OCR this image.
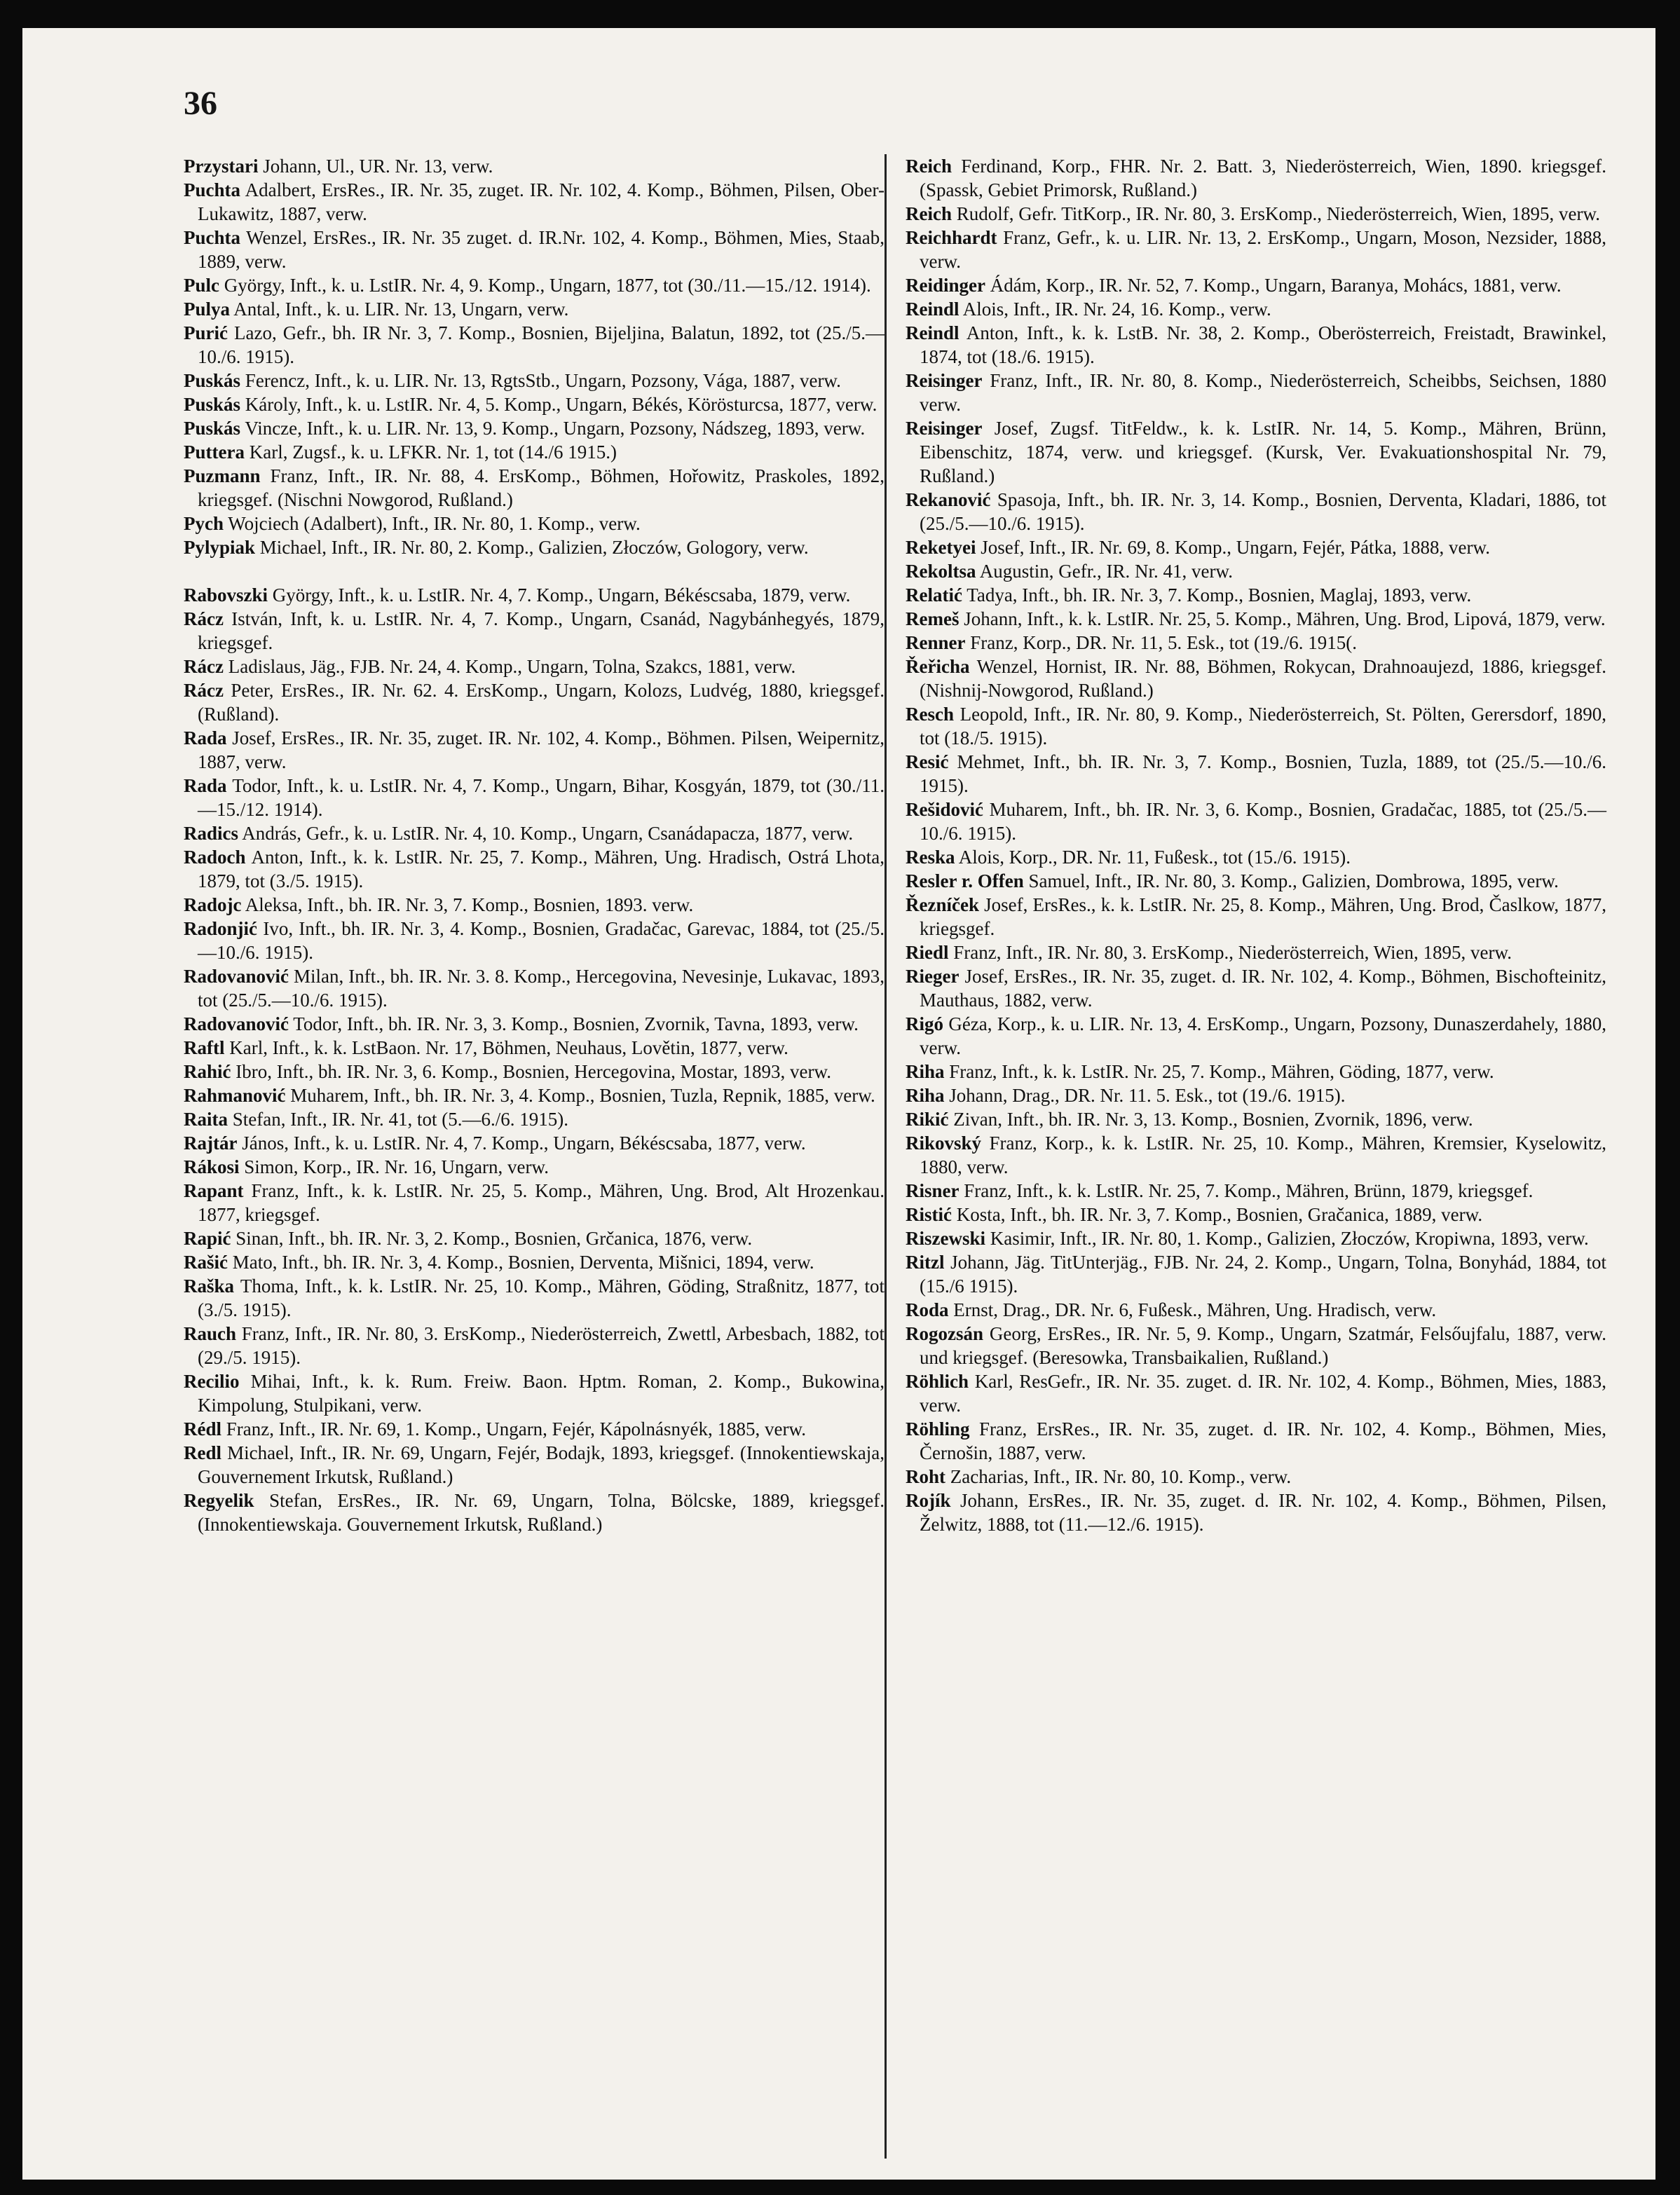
36

Przystari Johann, Ul., UR. Nr. 13, verw.

Puchta Adalbert, ErsRes., IR. Nr. 35, zuget. IR. Nr. 102, 4. Komp., Böhmen, Pilsen, Ober-Lukawitz, 1887, verw.

Puchta Wenzel, ErsRes., IR. Nr. 35 zuget. d. IR.Nr. 102, 4. Komp., Böhmen, Mies, Staab, 1889, verw.

Pulc György, Inft., k. u. LstIR. Nr. 4, 9. Komp., Ungarn, 1877, tot (30./11.—15./12. 1914).

Pulya Antal, Inft., k. u. LIR. Nr. 13, Ungarn, verw.

Purić Lazo, Gefr., bh. IR Nr. 3, 7. Komp., Bosnien, Bijeljina, Balatun, 1892, tot (25./5.—10./6. 1915).

Puskás Ferencz, Inft., k. u. LIR. Nr. 13, RgtsStb., Ungarn, Pozsony, Vága, 1887, verw.

Puskás Károly, Inft., k. u. LstIR. Nr. 4, 5. Komp., Ungarn, Békés, Körösturcsa, 1877, verw.

Puskás Vincze, Inft., k. u. LIR. Nr. 13, 9. Komp., Ungarn, Pozsony, Nádszeg, 1893, verw.

Puttera Karl, Zugsf., k. u. LFKR. Nr. 1, tot (14./6 1915.)

Puzmann Franz, Inft., IR. Nr. 88, 4. ErsKomp., Böhmen, Hořowitz, Praskoles, 1892, kriegsgef. (Nischni Nowgorod, Rußland.)

Pych Wojciech (Adalbert), Inft., IR. Nr. 80, 1. Komp., verw.

Pylypiak Michael, Inft., IR. Nr. 80, 2. Komp., Galizien, Złoczów, Gologory, verw.

Rabovszki György, Inft., k. u. LstIR. Nr. 4, 7. Komp., Ungarn, Békéscsaba, 1879, verw.

Rácz István, Inft, k. u. LstIR. Nr. 4, 7. Komp., Ungarn, Csanád, Nagybánhegyés, 1879, kriegsgef.

Rácz Ladislaus, Jäg., FJB. Nr. 24, 4. Komp., Ungarn, Tolna, Szakcs, 1881, verw.

Rácz Peter, ErsRes., IR. Nr. 62. 4. ErsKomp., Ungarn, Kolozs, Ludvég, 1880, kriegsgef. (Rußland).

Rada Josef, ErsRes., IR. Nr. 35, zuget. IR. Nr. 102, 4. Komp., Böhmen. Pilsen, Weipernitz, 1887, verw.

Rada Todor, Inft., k. u. LstIR. Nr. 4, 7. Komp., Ungarn, Bihar, Kosgyán, 1879, tot (30./11.—15./12. 1914).

Radics András, Gefr., k. u. LstIR. Nr. 4, 10. Komp., Ungarn, Csanádapacza, 1877, verw.

Radoch Anton, Inft., k. k. LstIR. Nr. 25, 7. Komp., Mähren, Ung. Hradisch, Ostrá Lhota, 1879, tot (3./5. 1915).

Radojc Aleksa, Inft., bh. IR. Nr. 3, 7. Komp., Bosnien, 1893. verw.

Radonjić Ivo, Inft., bh. IR. Nr. 3, 4. Komp., Bosnien, Gradačac, Garevac, 1884, tot (25./5.—10./6. 1915).

Radovanović Milan, Inft., bh. IR. Nr. 3. 8. Komp., Hercegovina, Nevesinje, Lukavac, 1893, tot (25./5.—10./6. 1915).

Radovanović Todor, Inft., bh. IR. Nr. 3, 3. Komp., Bosnien, Zvornik, Tavna, 1893, verw.

Raftl Karl, Inft., k. k. LstBaon. Nr. 17, Böhmen, Neuhaus, Lovětin, 1877, verw.

Rahić Ibro, Inft., bh. IR. Nr. 3, 6. Komp., Bosnien, Hercegovina, Mostar, 1893, verw.

Rahmanović Muharem, Inft., bh. IR. Nr. 3, 4. Komp., Bosnien, Tuzla, Repnik, 1885, verw.

Raita Stefan, Inft., IR. Nr. 41, tot (5.—6./6. 1915).

Rajtár János, Inft., k. u. LstIR. Nr. 4, 7. Komp., Ungarn, Békéscsaba, 1877, verw.

Rákosi Simon, Korp., IR. Nr. 16, Ungarn, verw.

Rapant Franz, Inft., k. k. LstIR. Nr. 25, 5. Komp., Mähren, Ung. Brod, Alt Hrozenkau. 1877, kriegsgef.

Rapić Sinan, Inft., bh. IR. Nr. 3, 2. Komp., Bosnien, Grčanica, 1876, verw.

Rašić Mato, Inft., bh. IR. Nr. 3, 4. Komp., Bosnien, Derventa, Mišnici, 1894, verw.

Raška Thoma, Inft., k. k. LstIR. Nr. 25, 10. Komp., Mähren, Göding, Straßnitz, 1877, tot (3./5. 1915).

Rauch Franz, Inft., IR. Nr. 80, 3. ErsKomp., Niederösterreich, Zwettl, Arbesbach, 1882, tot (29./5. 1915).

Recilio Mihai, Inft., k. k. Rum. Freiw. Baon. Hptm. Roman, 2. Komp., Bukowina, Kimpolung, Stulpikani, verw.

Rédl Franz, Inft., IR. Nr. 69, 1. Komp., Ungarn, Fejér, Kápolnásnyék, 1885, verw.

Redl Michael, Inft., IR. Nr. 69, Ungarn, Fejér, Bodajk, 1893, kriegsgef. (Innokentiewskaja, Gouvernement Irkutsk, Rußland.)

Regyelik Stefan, ErsRes., IR. Nr. 69, Ungarn, Tolna, Bölcske, 1889, kriegsgef. (Innokentiewskaja. Gouvernement Irkutsk, Rußland.)

Reich Ferdinand, Korp., FHR. Nr. 2. Batt. 3, Niederösterreich, Wien, 1890. kriegsgef. (Spassk, Gebiet Primorsk, Rußland.)

Reich Rudolf, Gefr. TitKorp., IR. Nr. 80, 3. ErsKomp., Niederösterreich, Wien, 1895, verw.

Reichhardt Franz, Gefr., k. u. LIR. Nr. 13, 2. ErsKomp., Ungarn, Moson, Nezsider, 1888, verw.

Reidinger Ádám, Korp., IR. Nr. 52, 7. Komp., Ungarn, Baranya, Mohács, 1881, verw.

Reindl Alois, Inft., IR. Nr. 24, 16. Komp., verw.

Reindl Anton, Inft., k. k. LstB. Nr. 38, 2. Komp., Oberösterreich, Freistadt, Brawinkel, 1874, tot (18./6. 1915).

Reisinger Franz, Inft., IR. Nr. 80, 8. Komp., Niederösterreich, Scheibbs, Seichsen, 1880 verw.

Reisinger Josef, Zugsf. TitFeldw., k. k. LstIR. Nr. 14, 5. Komp., Mähren, Brünn, Eibenschitz, 1874, verw. und kriegsgef. (Kursk, Ver. Evakuationshospital Nr. 79, Rußland.)

Rekanović Spasoja, Inft., bh. IR. Nr. 3, 14. Komp., Bosnien, Derventa, Kladari, 1886, tot (25./5.—10./6. 1915).

Reketyei Josef, Inft., IR. Nr. 69, 8. Komp., Ungarn, Fejér, Pátka, 1888, verw.

Rekoltsa Augustin, Gefr., IR. Nr. 41, verw.

Relatić Tadya, Inft., bh. IR. Nr. 3, 7. Komp., Bosnien, Maglaj, 1893, verw.

Remeš Johann, Inft., k. k. LstIR. Nr. 25, 5. Komp., Mähren, Ung. Brod, Lipová, 1879, verw.

Renner Franz, Korp., DR. Nr. 11, 5. Esk., tot (19./6. 1915(.

Řeřicha Wenzel, Hornist, IR. Nr. 88, Böhmen, Rokycan, Drahnoaujezd, 1886, kriegsgef. (Nishnij-Nowgorod, Rußland.)

Resch Leopold, Inft., IR. Nr. 80, 9. Komp., Niederösterreich, St. Pölten, Gerersdorf, 1890, tot (18./5. 1915).

Resić Mehmet, Inft., bh. IR. Nr. 3, 7. Komp., Bosnien, Tuzla, 1889, tot (25./5.—10./6. 1915).

Rešidović Muharem, Inft., bh. IR. Nr. 3, 6. Komp., Bosnien, Gradačac, 1885, tot (25./5.—10./6. 1915).

Reska Alois, Korp., DR. Nr. 11, Fußesk., tot (15./6. 1915).

Resler r. Offen Samuel, Inft., IR. Nr. 80, 3. Komp., Galizien, Dombrowa, 1895, verw.

Řezníček Josef, ErsRes., k. k. LstIR. Nr. 25, 8. Komp., Mähren, Ung. Brod, Časlkow, 1877, kriegsgef.

Riedl Franz, Inft., IR. Nr. 80, 3. ErsKomp., Niederösterreich, Wien, 1895, verw.

Rieger Josef, ErsRes., IR. Nr. 35, zuget. d. IR. Nr. 102, 4. Komp., Böhmen, Bischofteinitz, Mauthaus, 1882, verw.

Rigó Géza, Korp., k. u. LIR. Nr. 13, 4. ErsKomp., Ungarn, Pozsony, Dunaszerdahely, 1880, verw.

Riha Franz, Inft., k. k. LstIR. Nr. 25, 7. Komp., Mähren, Göding, 1877, verw.

Riha Johann, Drag., DR. Nr. 11. 5. Esk., tot (19./6. 1915).

Rikić Zivan, Inft., bh. IR. Nr. 3, 13. Komp., Bosnien, Zvornik, 1896, verw.

Rikovský Franz, Korp., k. k. LstIR. Nr. 25, 10. Komp., Mähren, Kremsier, Kyselowitz, 1880, verw.

Risner Franz, Inft., k. k. LstIR. Nr. 25, 7. Komp., Mähren, Brünn, 1879, kriegsgef.

Ristić Kosta, Inft., bh. IR. Nr. 3, 7. Komp., Bosnien, Gračanica, 1889, verw.

Riszewski Kasimir, Inft., IR. Nr. 80, 1. Komp., Galizien, Złoczów, Kropiwna, 1893, verw.

Ritzl Johann, Jäg. TitUnterjäg., FJB. Nr. 24, 2. Komp., Ungarn, Tolna, Bonyhád, 1884, tot (15./6 1915).

Roda Ernst, Drag., DR. Nr. 6, Fußesk., Mähren, Ung. Hradisch, verw.

Rogozsán Georg, ErsRes., IR. Nr. 5, 9. Komp., Ungarn, Szatmár, Felsőujfalu, 1887, verw. und kriegsgef. (Beresowka, Transbaikalien, Rußland.)

Röhlich Karl, ResGefr., IR. Nr. 35. zuget. d. IR. Nr. 102, 4. Komp., Böhmen, Mies, 1883, verw.

Röhling Franz, ErsRes., IR. Nr. 35, zuget. d. IR. Nr. 102, 4. Komp., Böhmen, Mies, Černošin, 1887, verw.

Roht Zacharias, Inft., IR. Nr. 80, 10. Komp., verw.

Rojík Johann, ErsRes., IR. Nr. 35, zuget. d. IR. Nr. 102, 4. Komp., Böhmen, Pilsen, Želwitz, 1888, tot (11.—12./6. 1915).
